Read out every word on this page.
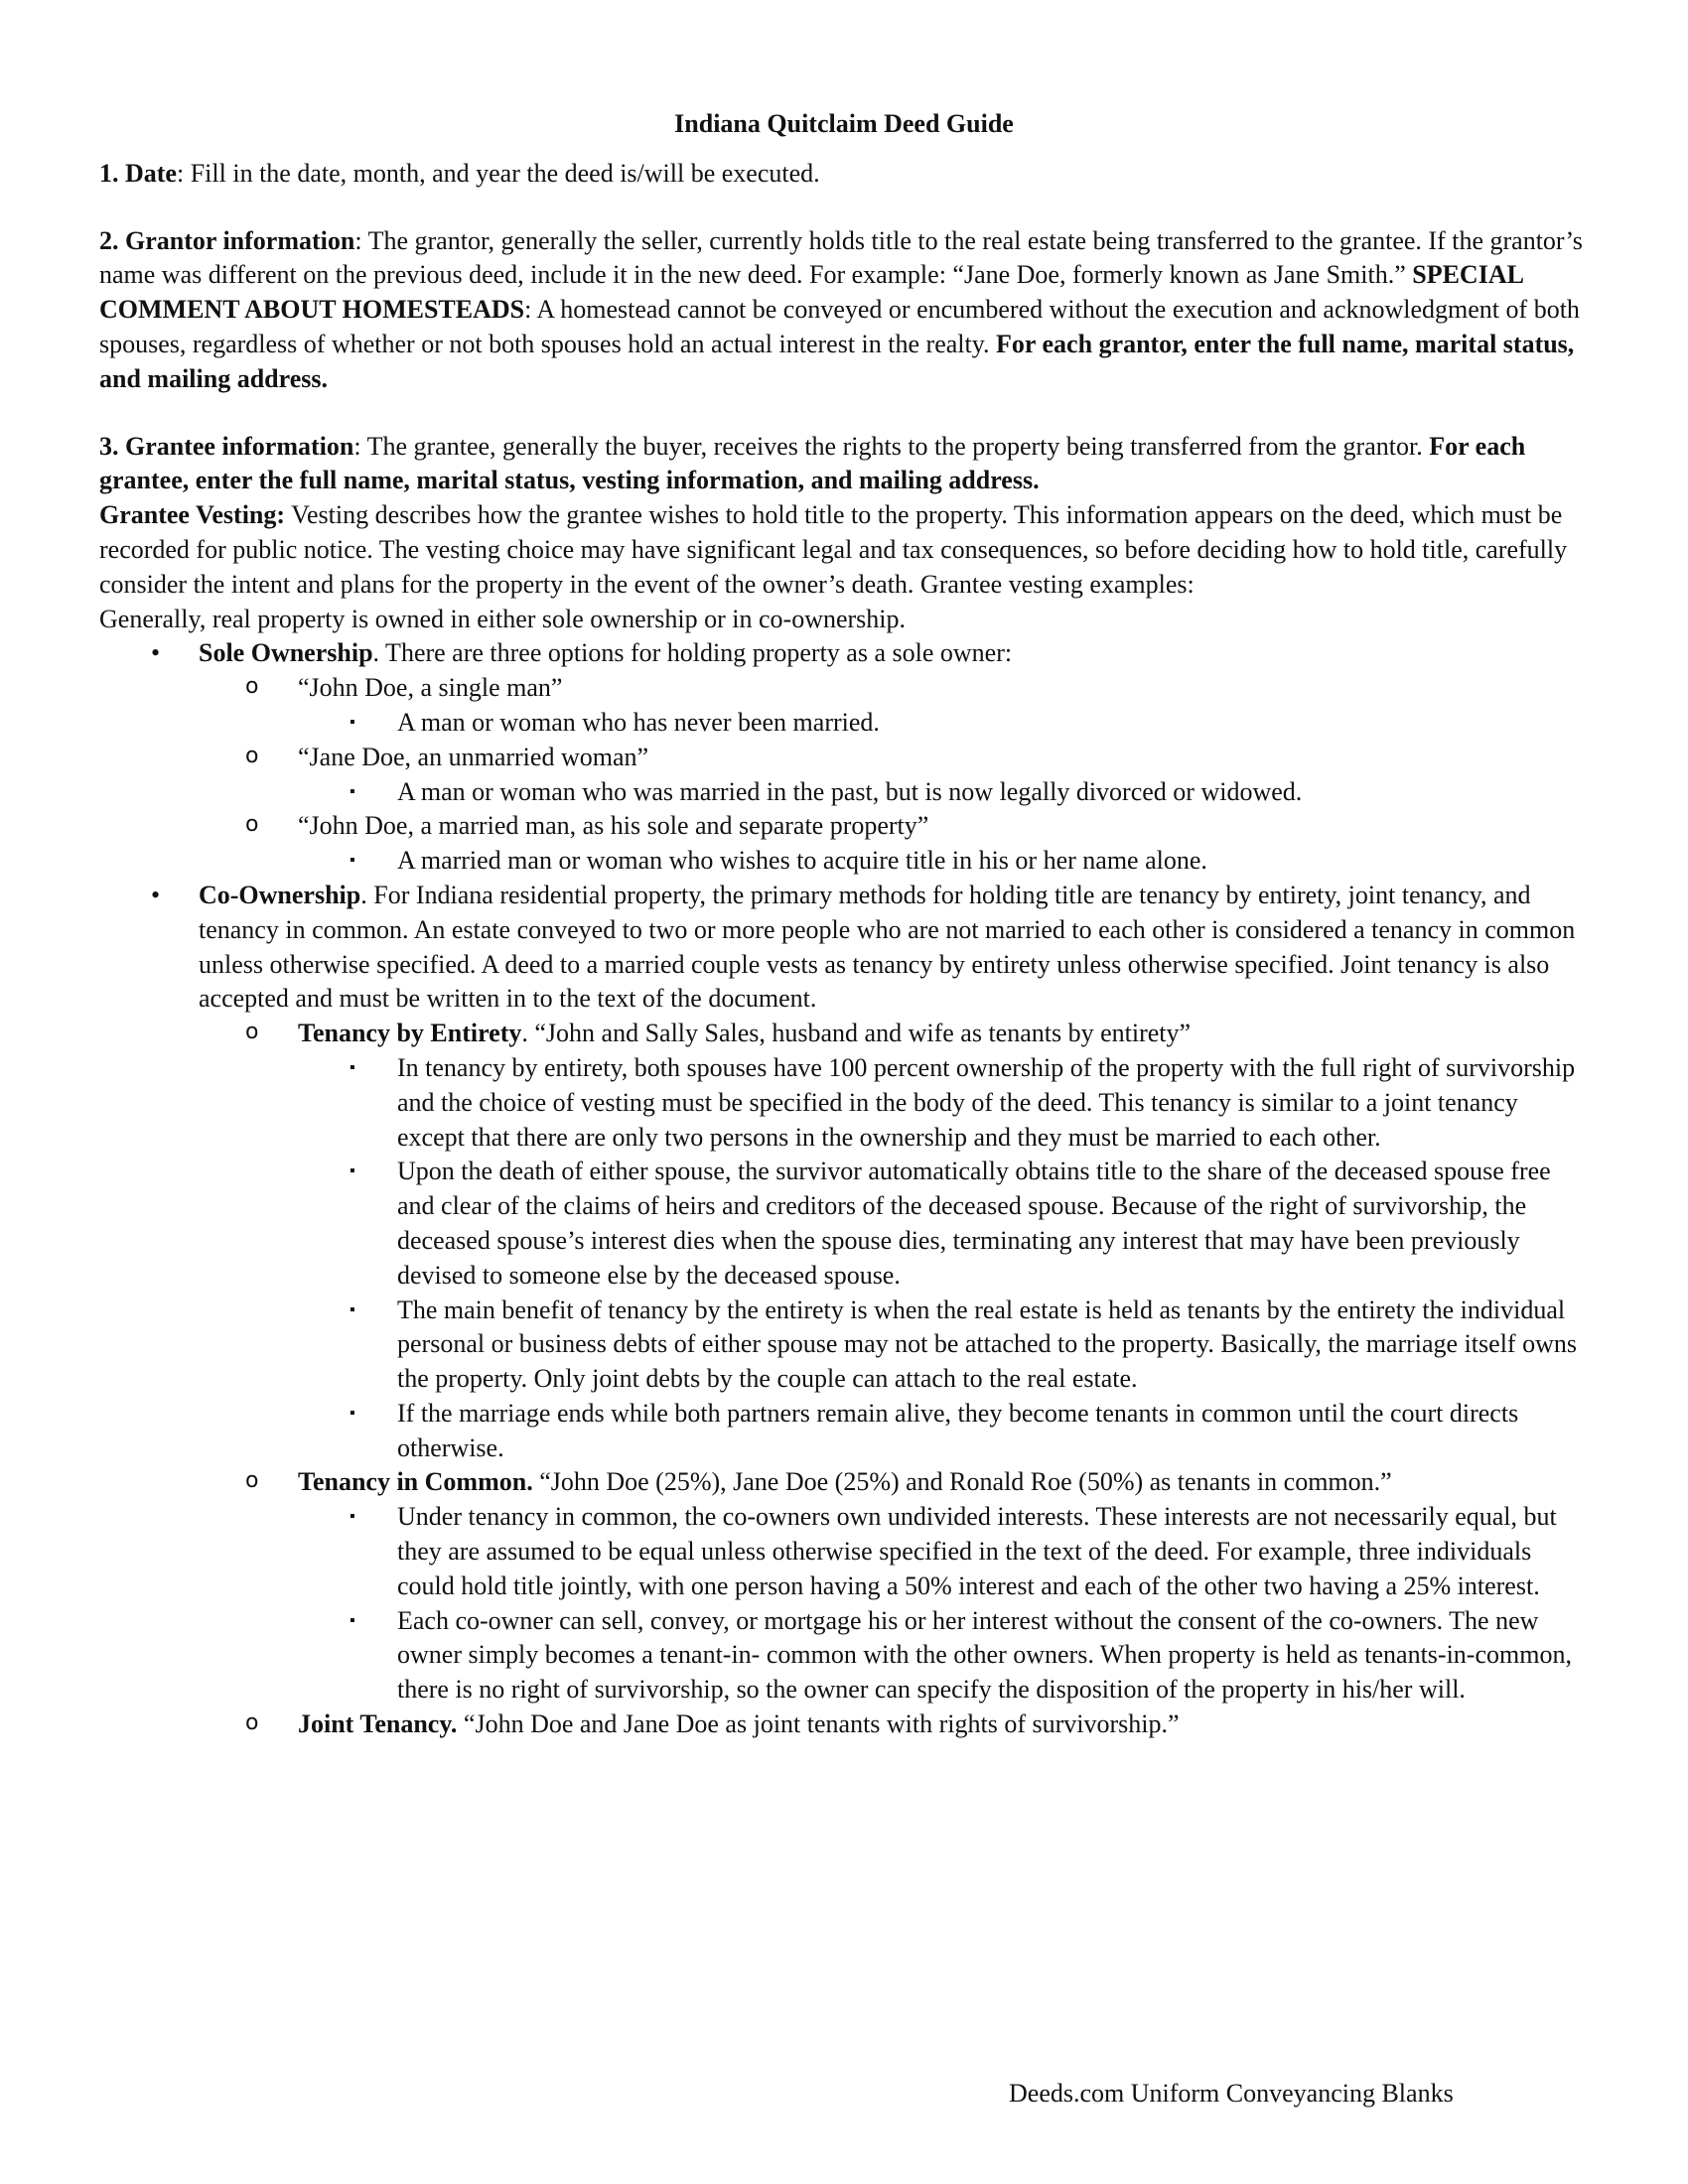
Indiana Quitclaim Deed Guide

1. Date: Fill in the date, month, and year the deed is/will be executed.

2. Grantor information: The grantor, generally the seller, currently holds title to the real estate being transferred to the grantee. If the grantor’s name was different on the previous deed, include it in the new deed. For example: “Jane Doe, formerly known as Jane Smith.” SPECIAL COMMENT ABOUT HOMESTEADS: A homestead cannot be conveyed or encumbered without the execution and acknowledgment of both spouses, regardless of whether or not both spouses hold an actual interest in the realty. For each grantor, enter the full name, marital status, and mailing address.

3. Grantee information: The grantee, generally the buyer, receives the rights to the property being transferred from the grantor. For each grantee, enter the full name, marital status, vesting information, and mailing address.

Grantee Vesting: Vesting describes how the grantee wishes to hold title to the property. This information appears on the deed, which must be recorded for public notice. The vesting choice may have significant legal and tax consequences, so before deciding how to hold title, carefully consider the intent and plans for the property in the event of the owner’s death. Grantee vesting examples:

Generally, real property is owned in either sole ownership or in co-ownership.

• Sole Ownership. There are three options for holding property as a sole owner:
o “John Doe, a single man”
▪ A man or woman who has never been married.
o “Jane Doe, an unmarried woman”
▪ A man or woman who was married in the past, but is now legally divorced or widowed.
o “John Doe, a married man, as his sole and separate property”
▪ A married man or woman who wishes to acquire title in his or her name alone.
• Co-Ownership. For Indiana residential property, the primary methods for holding title are tenancy by entirety, joint tenancy, and tenancy in common. An estate conveyed to two or more people who are not married to each other is considered a tenancy in common unless otherwise specified. A deed to a married couple vests as tenancy by entirety unless otherwise specified. Joint tenancy is also accepted and must be written in to the text of the document.
o Tenancy by Entirety. “John and Sally Sales, husband and wife as tenants by entirety”
▪ In tenancy by entirety, both spouses have 100 percent ownership of the property with the full right of survivorship and the choice of vesting must be specified in the body of the deed. This tenancy is similar to a joint tenancy except that there are only two persons in the ownership and they must be married to each other.
▪ Upon the death of either spouse, the survivor automatically obtains title to the share of the deceased spouse free and clear of the claims of heirs and creditors of the deceased spouse. Because of the right of survivorship, the deceased spouse’s interest dies when the spouse dies, terminating any interest that may have been previously devised to someone else by the deceased spouse.
▪ The main benefit of tenancy by the entirety is when the real estate is held as tenants by the entirety the individual personal or business debts of either spouse may not be attached to the property. Basically, the marriage itself owns the property. Only joint debts by the couple can attach to the real estate.
▪ If the marriage ends while both partners remain alive, they become tenants in common until the court directs otherwise.
o Tenancy in Common. “John Doe (25%), Jane Doe (25%) and Ronald Roe (50%) as tenants in common.”
▪ Under tenancy in common, the co-owners own undivided interests. These interests are not necessarily equal, but they are assumed to be equal unless otherwise specified in the text of the deed. For example, three individuals could hold title jointly, with one person having a 50% interest and each of the other two having a 25% interest.
▪ Each co-owner can sell, convey, or mortgage his or her interest without the consent of the co-owners. The new owner simply becomes a tenant-in- common with the other owners. When property is held as tenants-in-common, there is no right of survivorship, so the owner can specify the disposition of the property in his/her will.
o Joint Tenancy. “John Doe and Jane Doe as joint tenants with rights of survivorship.”
Deeds.com Uniform Conveyancing Blanks
